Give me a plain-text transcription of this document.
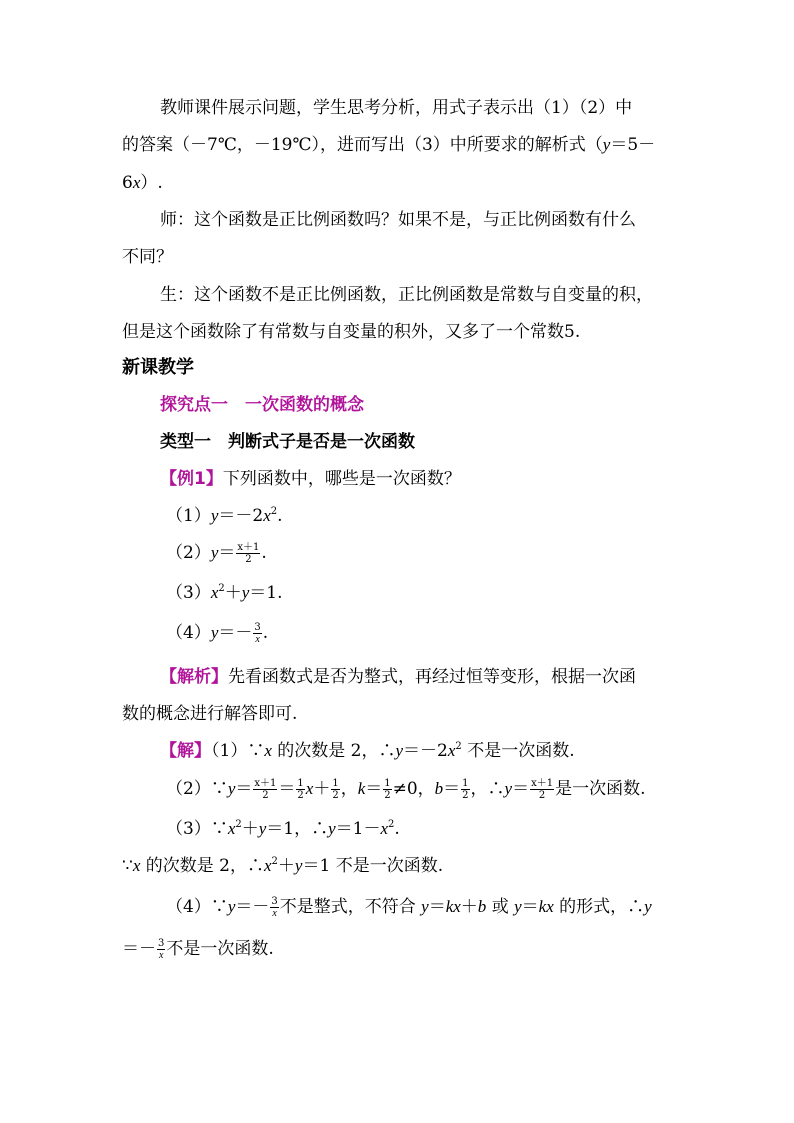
教师课件展示问题，学生思考分析，用式子表示出（1）（2）中
的答案（－7℃，－19℃），进而写出（3）中所要求的解析式（y＝5－
6x）.
师：这个函数是正比例函数吗？如果不是，与正比例函数有什么
不同？
生：这个函数不是正比例函数，正比例函数是常数与自变量的积，
但是这个函数除了有常数与自变量的积外，又多了一个常数5.
新课教学
探究点一　一次函数的概念
类型一　判断式子是否是一次函数
【例1】下列函数中，哪些是一次函数？
$(1)y=-2x^2$.
$(2)y= \frac{x+1}{2}$ .
$(3)x^2+y=1$.
$(4)y=- \frac{3}{x}$ .
【解析】先看函数式是否为整式，再经过恒等变形，根据一次函
数的概念进行解答即可.
【解】（1）∵x 的次数是 2，$\therefore y=-2x^2$ 不是一次函数.
（2）∵y＝ $\frac{x+1}{2} = \frac{1}{2} x+ \frac{1}{2}$ ，$k= \frac{1}{2} \ne 0$，$b= \frac{1}{2}$ ，∴y＝ $\frac{x+1}{2}$ 是一次函数.
$(3)\because x^2+y=1$，$\therefore y=1-x^2$.
∵x 的次数是 2，$\therefore x^2+y=1$ 不是一次函数.
（4）∵y＝－ $\frac{3}{x}$ 不是整式，不符合 y＝kx＋b 或 y＝kx 的形式，∴y
＝－ $\frac{3}{x}$ 不是一次函数.
